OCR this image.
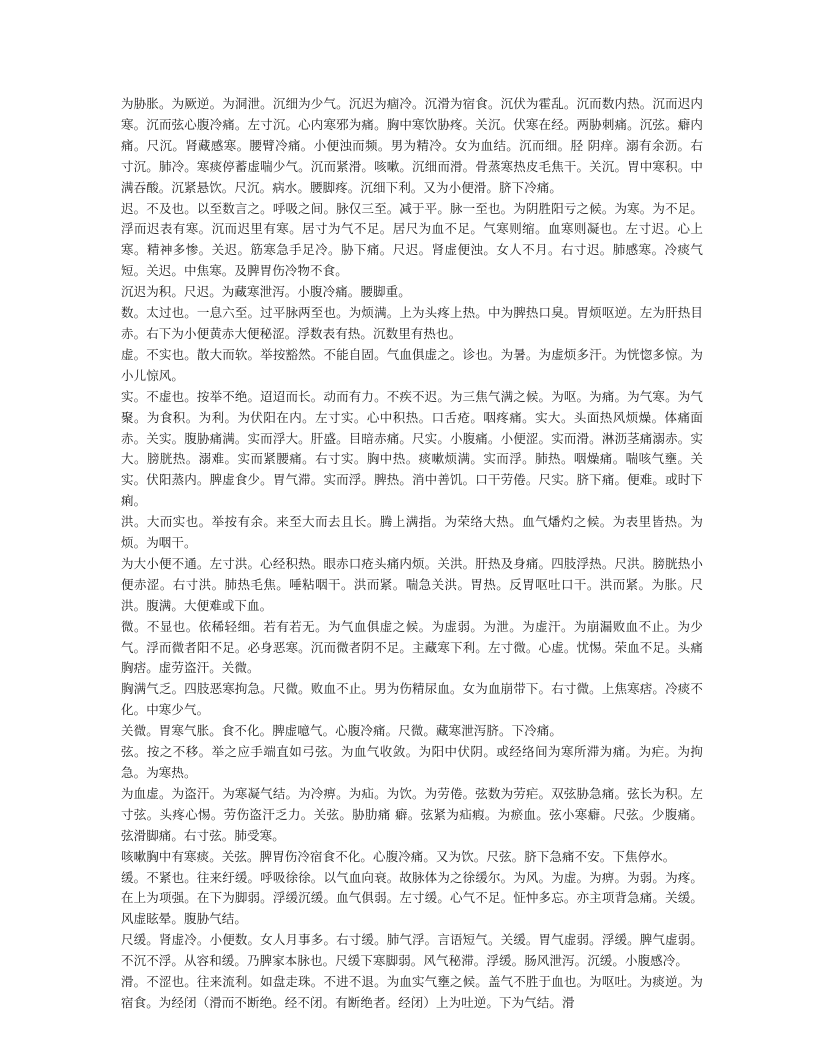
为胁胀。为厥逆。为洞泄。沉细为少气。沉迟为痼冷。沉滑为宿食。沉伏为霍乱。沉而数内热。沉而迟内寒。沉而弦心腹冷痛。左寸沉。心内寒邪为痛。胸中寒饮胁疼。关沉。伏寒在经。两胁刺痛。沉弦。癖内痛。尺沉。肾藏感寒。腰臂冷痛。小便浊而频。男为精冷。女为血结。沉而细。胫 阴痒。溺有余沥。右寸沉。肺冷。寒痰停蓄虚喘少气。沉而紧滑。咳嗽。沉细而滑。骨蒸寒热皮毛焦干。关沉。胃中寒积。中满吞酸。沉紧悬饮。尺沉。病水。腰脚疼。沉细下利。又为小便滑。脐下冷痛。

迟。不及也。以至数言之。呼吸之间。脉仅三至。减于平。脉一至也。为阴胜阳亏之候。为寒。为不足。浮而迟表有寒。沉而迟里有寒。居寸为气不足。居尺为血不足。气寒则缩。血寒则凝也。左寸迟。心上寒。精神多惨。关迟。筋寒急手足冷。胁下痛。尺迟。肾虚便浊。女人不月。右寸迟。肺感寒。冷痰气短。关迟。中焦寒。及脾胃伤冷物不食。

沉迟为积。尺迟。为藏寒泄泻。小腹冷痛。腰脚重。

数。太过也。一息六至。过平脉两至也。为烦满。上为头疼上热。中为脾热口臭。胃烦呕逆。左为肝热目赤。右下为小便黄赤大便秘涩。浮数表有热。沉数里有热也。

虚。不实也。散大而软。举按豁然。不能自固。气血俱虚之。诊也。为暑。为虚烦多汗。为恍惚多惊。为小儿惊风。

实。不虚也。按举不绝。迢迢而长。动而有力。不疾不迟。为三焦气满之候。为呕。为痛。为气寒。为气聚。为食积。为利。为伏阳在内。左寸实。心中积热。口舌疮。咽疼痛。实大。头面热风烦燥。体痛面赤。关实。腹胁痛满。实而浮大。肝盛。目暗赤痛。尺实。小腹痛。小便涩。实而滑。淋沥茎痛溺赤。实大。膀胱热。溺难。实而紧腰痛。右寸实。胸中热。痰嗽烦满。实而浮。肺热。咽燥痛。喘咳气壅。关实。伏阳蒸内。脾虚食少。胃气滞。实而浮。脾热。消中善饥。口干劳倦。尺实。脐下痛。便难。或时下痢。

洪。大而实也。举按有余。来至大而去且长。腾上满指。为荣络大热。血气燔灼之候。为表里皆热。为烦。为咽干。

为大小便不通。左寸洪。心经积热。眼赤口疮头痛内烦。关洪。肝热及身痛。四肢浮热。尺洪。膀胱热小便赤涩。右寸洪。肺热毛焦。唾粘咽干。洪而紧。喘急关洪。胃热。反胃呕吐口干。洪而紧。为胀。尺洪。腹满。大便难或下血。

微。不显也。依稀轻细。若有若无。为气血俱虚之候。为虚弱。为泄。为虚汗。为崩漏败血不止。为少气。浮而微者阳不足。必身恶寒。沉而微者阴不足。主藏寒下利。左寸微。心虚。忧惕。荣血不足。头痛胸痞。虚劳盗汗。关微。

胸满气乏。四肢恶寒拘急。尺微。败血不止。男为伤精尿血。女为血崩带下。右寸微。上焦寒痞。冷痰不化。中寒少气。

关微。胃寒气胀。食不化。脾虚噫气。心腹冷痛。尺微。藏寒泄泻脐。下冷痛。

弦。按之不移。举之应手端直如弓弦。为血气收敛。为阳中伏阴。或经络间为寒所滞为痛。为疟。为拘急。为寒热。

为血虚。为盗汗。为寒凝气结。为冷痹。为疝。为饮。为劳倦。弦数为劳疟。双弦胁急痛。弦长为积。左寸弦。头疼心惕。劳伤盗汗乏力。关弦。胁肋痛 癖。弦紧为疝瘕。为瘀血。弦小寒癖。尺弦。少腹痛。弦滑脚痛。右寸弦。肺受寒。

咳嗽胸中有寒痰。关弦。脾胃伤冷宿食不化。心腹冷痛。又为饮。尺弦。脐下急痛不安。下焦停水。

缓。不紧也。往来纡缓。呼吸徐徐。以气血向衰。故脉体为之徐缓尔。为风。为虚。为痹。为弱。为疼。在上为项强。在下为脚弱。浮缓沉缓。血气俱弱。左寸缓。心气不足。怔忡多忘。亦主项背急痛。关缓。风虚眩晕。腹胁气结。

尺缓。肾虚冷。小便数。女人月事多。右寸缓。肺气浮。言语短气。关缓。胃气虚弱。浮缓。脾气虚弱。不沉不浮。从容和缓。乃脾家本脉也。尺缓下寒脚弱。风气秘滞。浮缓。肠风泄泻。沉缓。小腹感冷。

滑。不涩也。往来流利。如盘走珠。不进不退。为血实气壅之候。盖气不胜于血也。为呕吐。为痰逆。为宿食。为经闭（滑而不断绝。经不闭。有断绝者。经闭）上为吐逆。下为气结。滑
